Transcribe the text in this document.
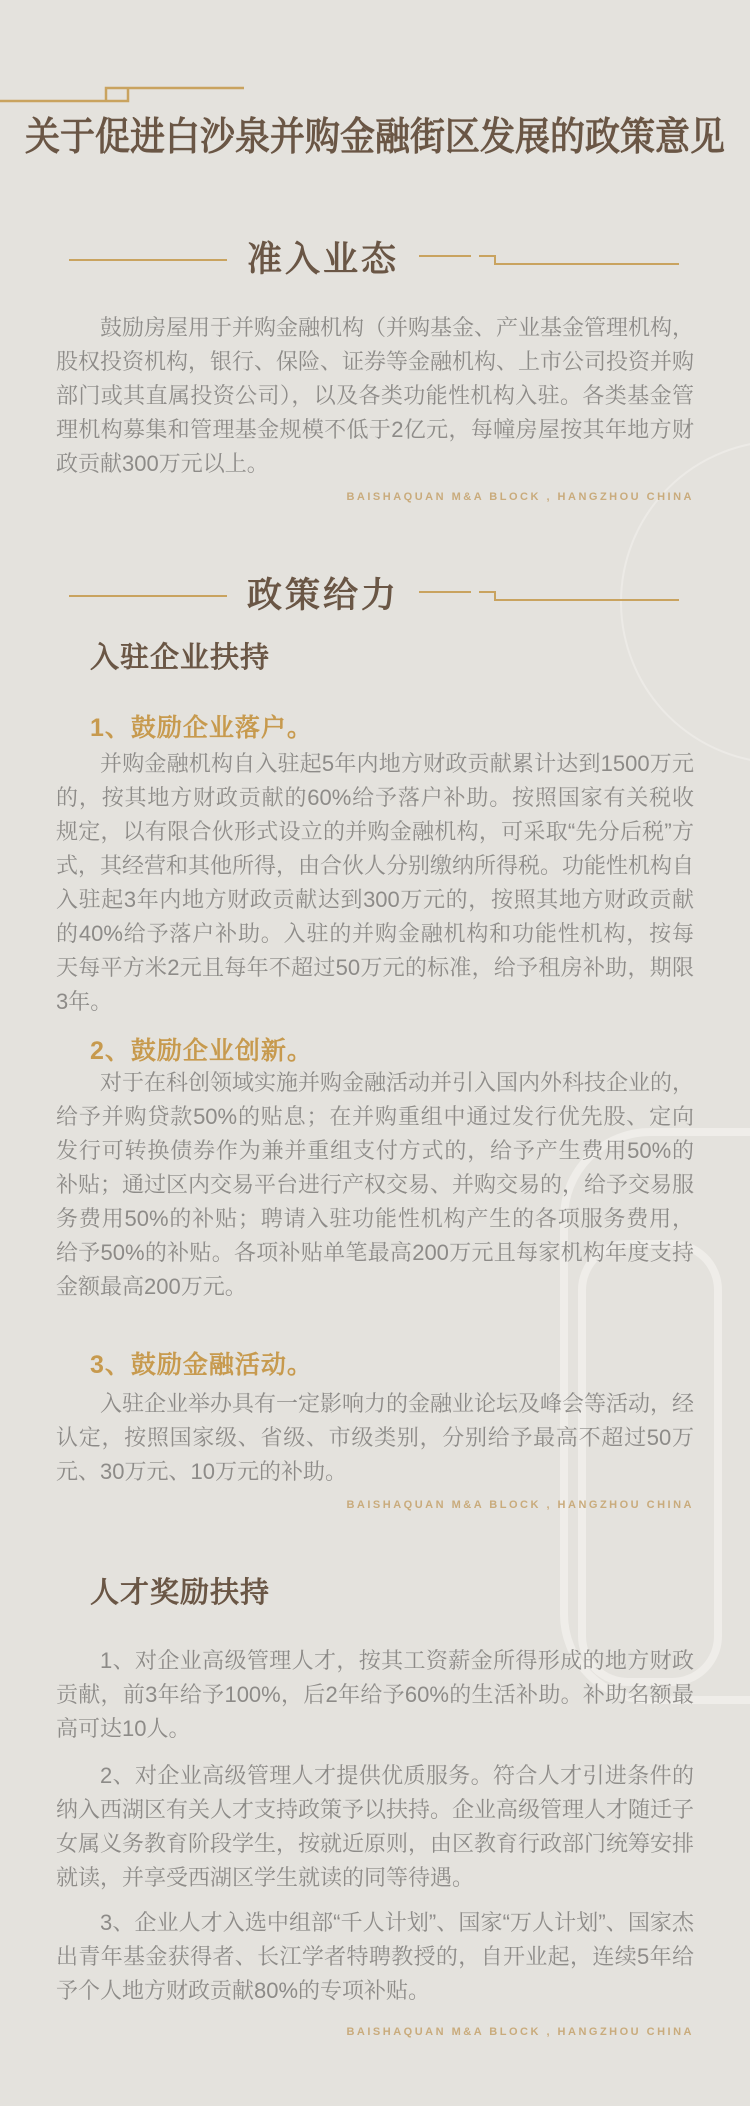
关于促进白沙泉并购金融街区发展的政策意见
准入业态

鼓励房屋用于并购金融机构（并购基金、产业基金管理机构，股权投资机构，银行、保险、证券等金融机构、上市公司投资并购部门或其直属投资公司），以及各类功能性机构入驻。各类基金管理机构募集和管理基金规模不低于2亿元，每幢房屋按其年地方财政贡献300万元以上。

BAISHAQUAN M&A BLOCK , HANGZHOU CHINA

政策给力
入驻企业扶持
1、鼓励企业落户。

并购金融机构自入驻起5年内地方财政贡献累计达到1500万元的，按其地方财政贡献的60%给予落户补助。按照国家有关税收规定，以有限合伙形式设立的并购金融机构，可采取“先分后税”方式，其经营和其他所得，由合伙人分别缴纳所得税。功能性机构自入驻起3年内地方财政贡献达到300万元的，按照其地方财政贡献的40%给予落户补助。入驻的并购金融机构和功能性机构，按每天每平方米2元且每年不超过50万元的标准，给予租房补助，期限3年。

2、鼓励企业创新。

对于在科创领域实施并购金融活动并引入国内外科技企业的，给予并购贷款50%的贴息；在并购重组中通过发行优先股、定向发行可转换债券作为兼并重组支付方式的，给予产生费用50%的补贴；通过区内交易平台进行产权交易、并购交易的，给予交易服务费用50%的补贴；聘请入驻功能性机构产生的各项服务费用，给予50%的补贴。各项补贴单笔最高200万元且每家机构年度支持金额最高200万元。

3、鼓励金融活动。

入驻企业举办具有一定影响力的金融业论坛及峰会等活动，经认定，按照国家级、省级、市级类别，分别给予最高不超过50万元、30万元、10万元的补助。

BAISHAQUAN M&A BLOCK , HANGZHOU CHINA

人才奖励扶持

1、对企业高级管理人才，按其工资薪金所得形成的地方财政贡献，前3年给予100%，后2年给予60%的生活补助。补助名额最高可达10人。

2、对企业高级管理人才提供优质服务。符合人才引进条件的纳入西湖区有关人才支持政策予以扶持。企业高级管理人才随迁子女属义务教育阶段学生，按就近原则，由区教育行政部门统筹安排就读，并享受西湖区学生就读的同等待遇。

3、企业人才入选中组部“千人计划”、国家“万人计划”、国家杰出青年基金获得者、长江学者特聘教授的，自开业起，连续5年给予个人地方财政贡献80%的专项补贴。

BAISHAQUAN M&A BLOCK , HANGZHOU CHINA
